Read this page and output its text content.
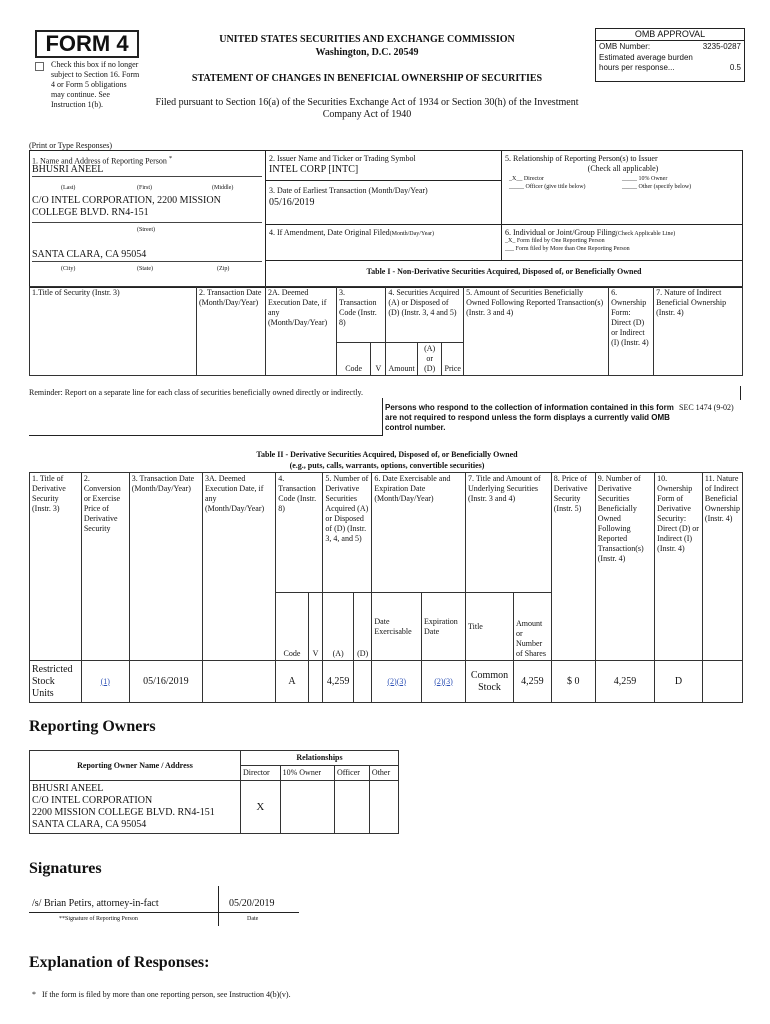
FORM 4
Check this box if no longer subject to Section 16. Form 4 or Form 5 obligations may continue. See Instruction 1(b).
UNITED STATES SECURITIES AND EXCHANGE COMMISSION
Washington, D.C. 20549
STATEMENT OF CHANGES IN BENEFICIAL OWNERSHIP OF SECURITIES
Filed pursuant to Section 16(a) of the Securities Exchange Act of 1934 or Section 30(h) of the Investment Company Act of 1940
OMB APPROVAL
OMB Number:	3235-0287
Estimated average burden hours per response...	0.5
(Print or Type Responses)
1. Name and Address of Reporting Person *
BHUSRI ANEEL
(Last)	(First)	(Middle)
C/O INTEL CORPORATION, 2200 MISSION COLLEGE BLVD. RN4-151
(Street)
SANTA CLARA, CA 95054
(City)	(State)	(Zip)
2. Issuer Name and Ticker or Trading Symbol
INTEL CORP [INTC]
3. Date of Earliest Transaction (Month/Day/Year)
05/16/2019
4. If Amendment, Date Original Filed(Month/Day/Year)
5. Relationship of Reporting Person(s) to Issuer
(Check all applicable)
_X__ Director	_____ 10% Owner
_____ Officer (give title below)	_____ Other (specify below)
6. Individual or Joint/Group Filing(Check Applicable Line)
_X_ Form filed by One Reporting Person
___ Form filed by More than One Reporting Person
Table I - Non-Derivative Securities Acquired, Disposed of, or Beneficially Owned
1.Title of Security (Instr. 3)	2. Transaction Date (Month/Day/Year)	2A. Deemed Execution Date, if any (Month/Day/Year)	3. Transaction Code (Instr. 8)		4. Securities Acquired (A) or Disposed of (D) (Instr. 3, 4 and 5)			5. Amount of Securities Beneficially Owned Following Reported Transaction(s) (Instr. 3 and 4)	6. Ownership Form: Direct (D) or Indirect (I) (Instr. 4)	7. Nature of Indirect Beneficial Ownership (Instr. 4)
			Code	V	Amount	(A) or (D)	Price			
Reminder: Report on a separate line for each class of securities beneficially owned directly or indirectly.
Persons who respond to the collection of information contained in this form are not required to respond unless the form displays a currently valid OMB control number.
SEC 1474 (9-02)
Table II - Derivative Securities Acquired, Disposed of, or Beneficially Owned
(e.g., puts, calls, warrants, options, convertible securities)
1. Title of Derivative Security (Instr. 3)	2. Conversion or Exercise Price of Derivative Security	3. Transaction Date (Month/Day/Year)	3A. Deemed Execution Date, if any (Month/Day/Year)	4. Transaction Code (Instr. 8)		5. Number of Derivative Securities Acquired (A) or Disposed of (D) (Instr. 3, 4, and 5)		6. Date Exercisable and Expiration Date (Month/Day/Year)		7. Title and Amount of Underlying Securities (Instr. 3 and 4)		8. Price of Derivative Security (Instr. 5)	9. Number of Derivative Securities Beneficially Owned Following Reported Transaction(s) (Instr. 4)	10. Ownership Form of Derivative Security: Direct (D) or Indirect (I) (Instr. 4)	11. Nature of Indirect Beneficial Ownership (Instr. 4)
				Code	V	(A)	(D)	Date Exercisable	Expiration Date	Title	Amount or Number of Shares				
Restricted Stock Units	(1)	05/16/2019		A		4,259		(2)(3)	(2)(3)	Common Stock	4,259	$ 0	4,259	D	
Reporting Owners
Reporting Owner Name / Address	Relationships			
	Director	10% Owner	Officer	Other

BHUSRI ANEEL
C/O INTEL CORPORATION
2200 MISSION COLLEGE BLVD. RN4-151
SANTA CLARA, CA 95054	X			
Signatures
/s/ Brian Petirs, attorney-in-fact
**Signature of Reporting Person
05/20/2019
Date
Explanation of Responses:
* If the form is filed by more than one reporting person, see Instruction 4(b)(v).
